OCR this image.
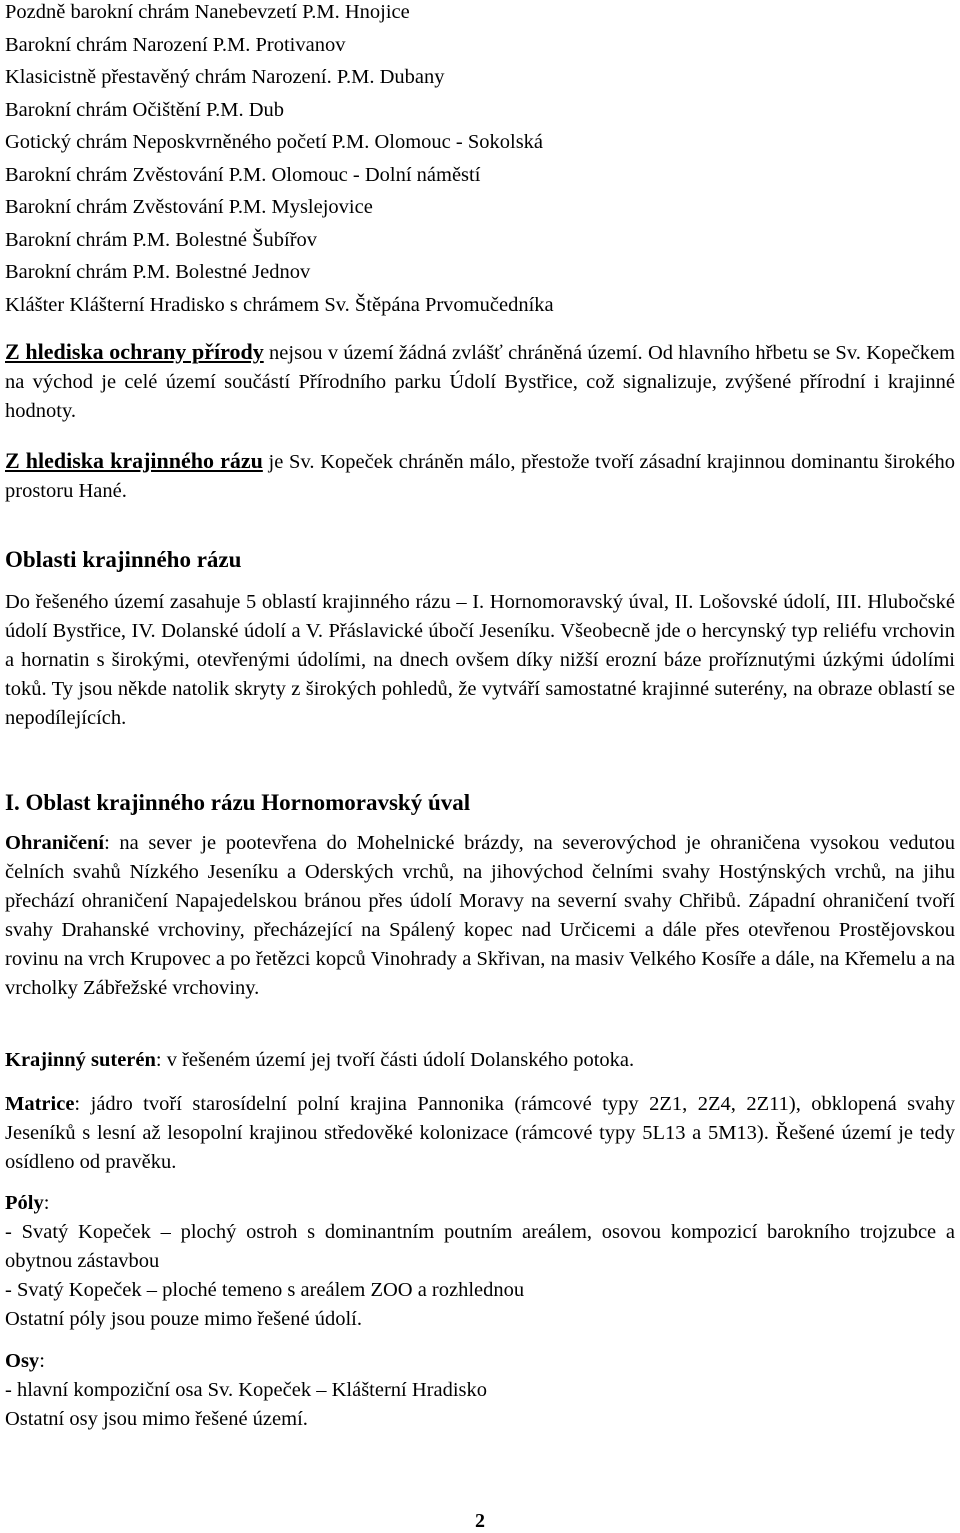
Pozdně barokní chrám Nanebevzetí P.M. Hnojice
Barokní chrám Narození P.M. Protivanov
Klasicistně přestavěný chrám Narození. P.M. Dubany
Barokní chrám Očištění P.M. Dub
Gotický chrám Neposkvrněného početí P.M. Olomouc - Sokolská
Barokní chrám Zvěstování P.M. Olomouc - Dolní náměstí
Barokní chrám Zvěstování P.M. Myslejovice
Barokní chrám P.M. Bolestné Šubířov
Barokní chrám P.M. Bolestné Jednov
Klášter Klášterní Hradisko s chrámem Sv. Štěpána Prvomučedníka

Z hlediska ochrany přírody nejsou v území žádná zvlášť chráněná území. Od hlavního hřbetu se Sv. Kopečkem na východ je celé území součástí Přírodního parku Údolí Bystřice, což signalizuje, zvýšené přírodní i krajinné hodnoty.

Z hlediska krajinného rázu je Sv. Kopeček chráněn málo, přestože tvoří zásadní krajinnou dominantu širokého prostoru Hané.

Oblasti krajinného rázu

Do řešeného území zasahuje 5 oblastí krajinného rázu – I. Hornomoravský úval, II. Lošovské údolí, III. Hlubočské údolí Bystřice, IV. Dolanské údolí a V. Přáslavické úbočí Jeseníku. Všeobecně jde o hercynský typ reliéfu vrchovin a hornatin s širokými, otevřenými údolími, na dnech ovšem díky nižší erozní báze proříznutými úzkými údolími toků. Ty jsou někde natolik skryty z širokých pohledů, že vytváří samostatné krajinné suterény, na obraze oblastí se nepodílejících.

I. Oblast krajinného rázu Hornomoravský úval

Ohraničení: na sever je pootevřena do Mohelnické brázdy, na severovýchod je ohraničena vysokou vedutou čelních svahů Nízkého Jeseníku a Oderských vrchů, na jihovýchod čelními svahy Hostýnských vrchů, na jihu přechází ohraničení Napajedelskou bránou přes údolí Moravy na severní svahy Chřibů. Západní ohraničení tvoří svahy Drahanské vrchoviny, přecházející na Spálený kopec nad Určicemi a dále přes otevřenou Prostějovskou rovinu na vrch Krupovec a po řetězci kopců Vinohrady a Skřivan, na masiv Velkého Kosíře a dále, na Křemelu a na vrcholky Zábřežské vrchoviny.

Krajinný suterén: v řešeném území jej tvoří části údolí Dolanského potoka.

Matrice: jádro tvoří starosídelní polní krajina Pannonika (rámcové typy 2Z1, 2Z4, 2Z11), obklopená svahy Jeseníků s lesní až lesopolní krajinou středověké kolonizace (rámcové typy 5L13 a 5M13). Řešené území je tedy osídleno od pravěku.

Póly:

- Svatý Kopeček – plochý ostroh s dominantním poutním areálem, osovou kompozicí barokního trojzubce a obytnou zástavbou

- Svatý Kopeček – ploché temeno s areálem ZOO a rozhlednou

Ostatní póly jsou pouze mimo řešené údolí.

Osy:

- hlavní kompoziční osa Sv. Kopeček – Klášterní Hradisko

Ostatní osy jsou mimo řešené území.

2
